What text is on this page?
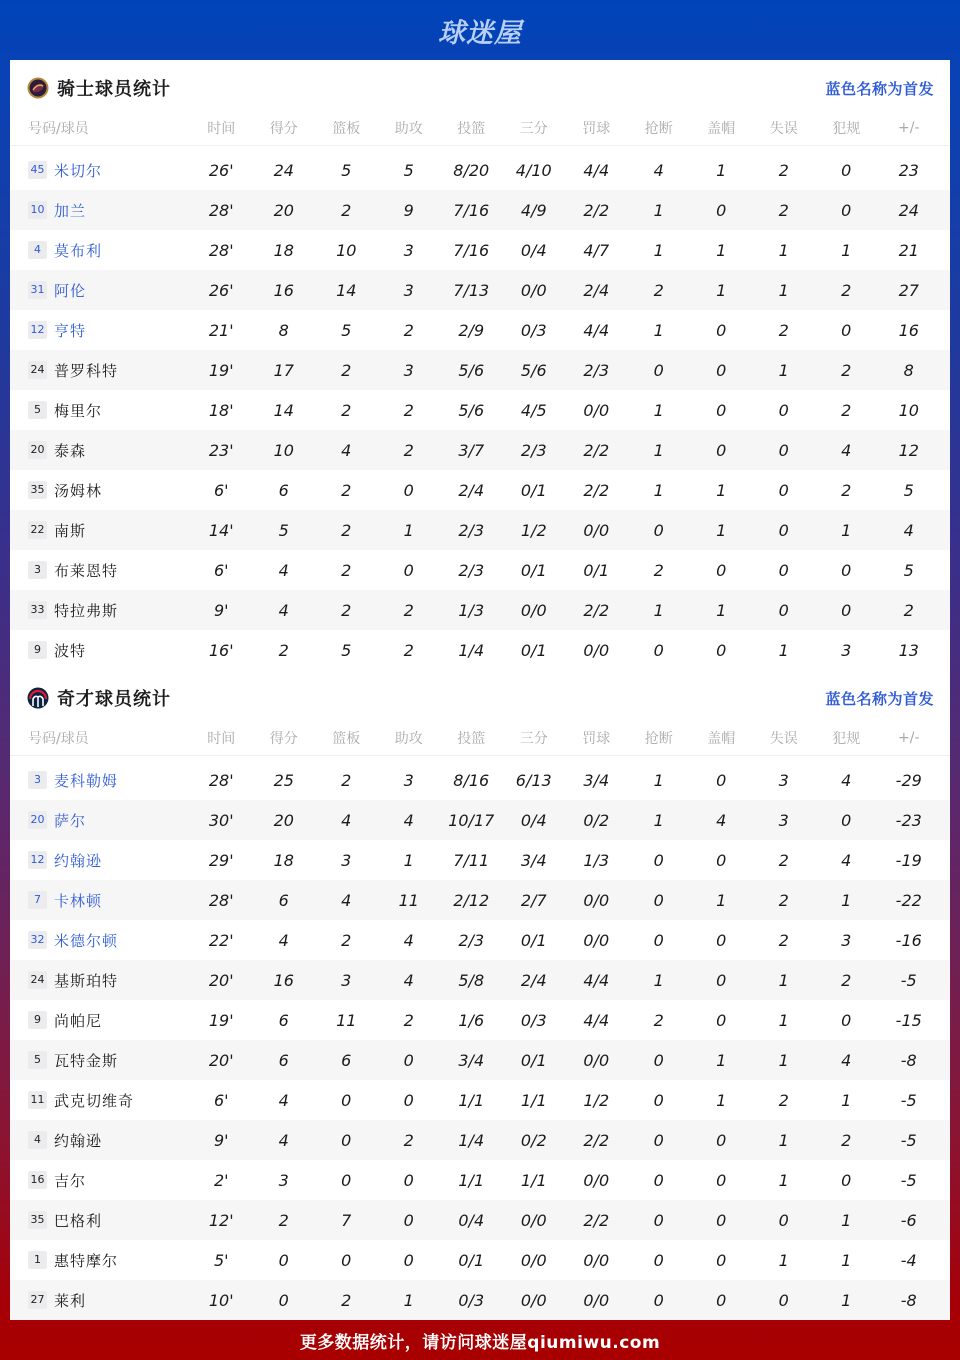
球迷屋
骑士球员统计	蓝色名称为首发
号码/球员	时间	得分	篮板	助攻	投篮	三分	罚球	抢断	盖帽	失误	犯规	+/-
45 米切尔	26'	24	5	5	8/20	4/10	4/4	4	1	2	0	23
10 加兰	28'	20	2	9	7/16	4/9	2/2	1	0	2	0	24
4 莫布利	28'	18	10	3	7/16	0/4	4/7	1	1	1	1	21
31 阿伦	26'	16	14	3	7/13	0/0	2/4	2	1	1	2	27
12 亨特	21'	8	5	2	2/9	0/3	4/4	1	0	2	0	16
24 普罗科特	19'	17	2	3	5/6	5/6	2/3	0	0	1	2	8
5 梅里尔	18'	14	2	2	5/6	4/5	0/0	1	0	0	2	10
20 泰森	23'	10	4	2	3/7	2/3	2/2	1	0	0	4	12
35 汤姆林	6'	6	2	0	2/4	0/1	2/2	1	1	0	2	5
22 南斯	14'	5	2	1	2/3	1/2	0/0	0	1	0	1	4
3 布莱恩特	6'	4	2	0	2/3	0/1	0/1	2	0	0	0	5
33 特拉弗斯	9'	4	2	2	1/3	0/0	2/2	1	1	0	0	2
9 波特	16'	2	5	2	1/4	0/1	0/0	0	0	1	3	13
奇才球员统计	蓝色名称为首发
号码/球员	时间	得分	篮板	助攻	投篮	三分	罚球	抢断	盖帽	失误	犯规	+/-
3 麦科勒姆	28'	25	2	3	8/16	6/13	3/4	1	0	3	4	-29
20 萨尔	30'	20	4	4	10/17	0/4	0/2	1	4	3	0	-23
12 约翰逊	29'	18	3	1	7/11	3/4	1/3	0	0	2	4	-19
7 卡林顿	28'	6	4	11	2/12	2/7	0/0	0	1	2	1	-22
32 米德尔顿	22'	4	2	4	2/3	0/1	0/0	0	0	2	3	-16
24 基斯珀特	20'	16	3	4	5/8	2/4	4/4	1	0	1	2	-5
9 尚帕尼	19'	6	11	2	1/6	0/3	4/4	2	0	1	0	-15
5 瓦特金斯	20'	6	6	0	3/4	0/1	0/0	0	1	1	4	-8
11 武克切维奇	6'	4	0	0	1/1	1/1	1/2	0	1	2	1	-5
4 约翰逊	9'	4	0	2	1/4	0/2	2/2	0	0	1	2	-5
16 吉尔	2'	3	0	0	1/1	1/1	0/0	0	0	1	0	-5
35 巴格利	12'	2	7	0	0/4	0/0	2/2	0	0	0	1	-6
1 惠特摩尔	5'	0	0	0	0/1	0/0	0/0	0	0	1	1	-4
27 莱利	10'	0	2	1	0/3	0/0	0/0	0	0	0	1	-8
更多数据统计，请访问球迷屋qiumiwu.com
